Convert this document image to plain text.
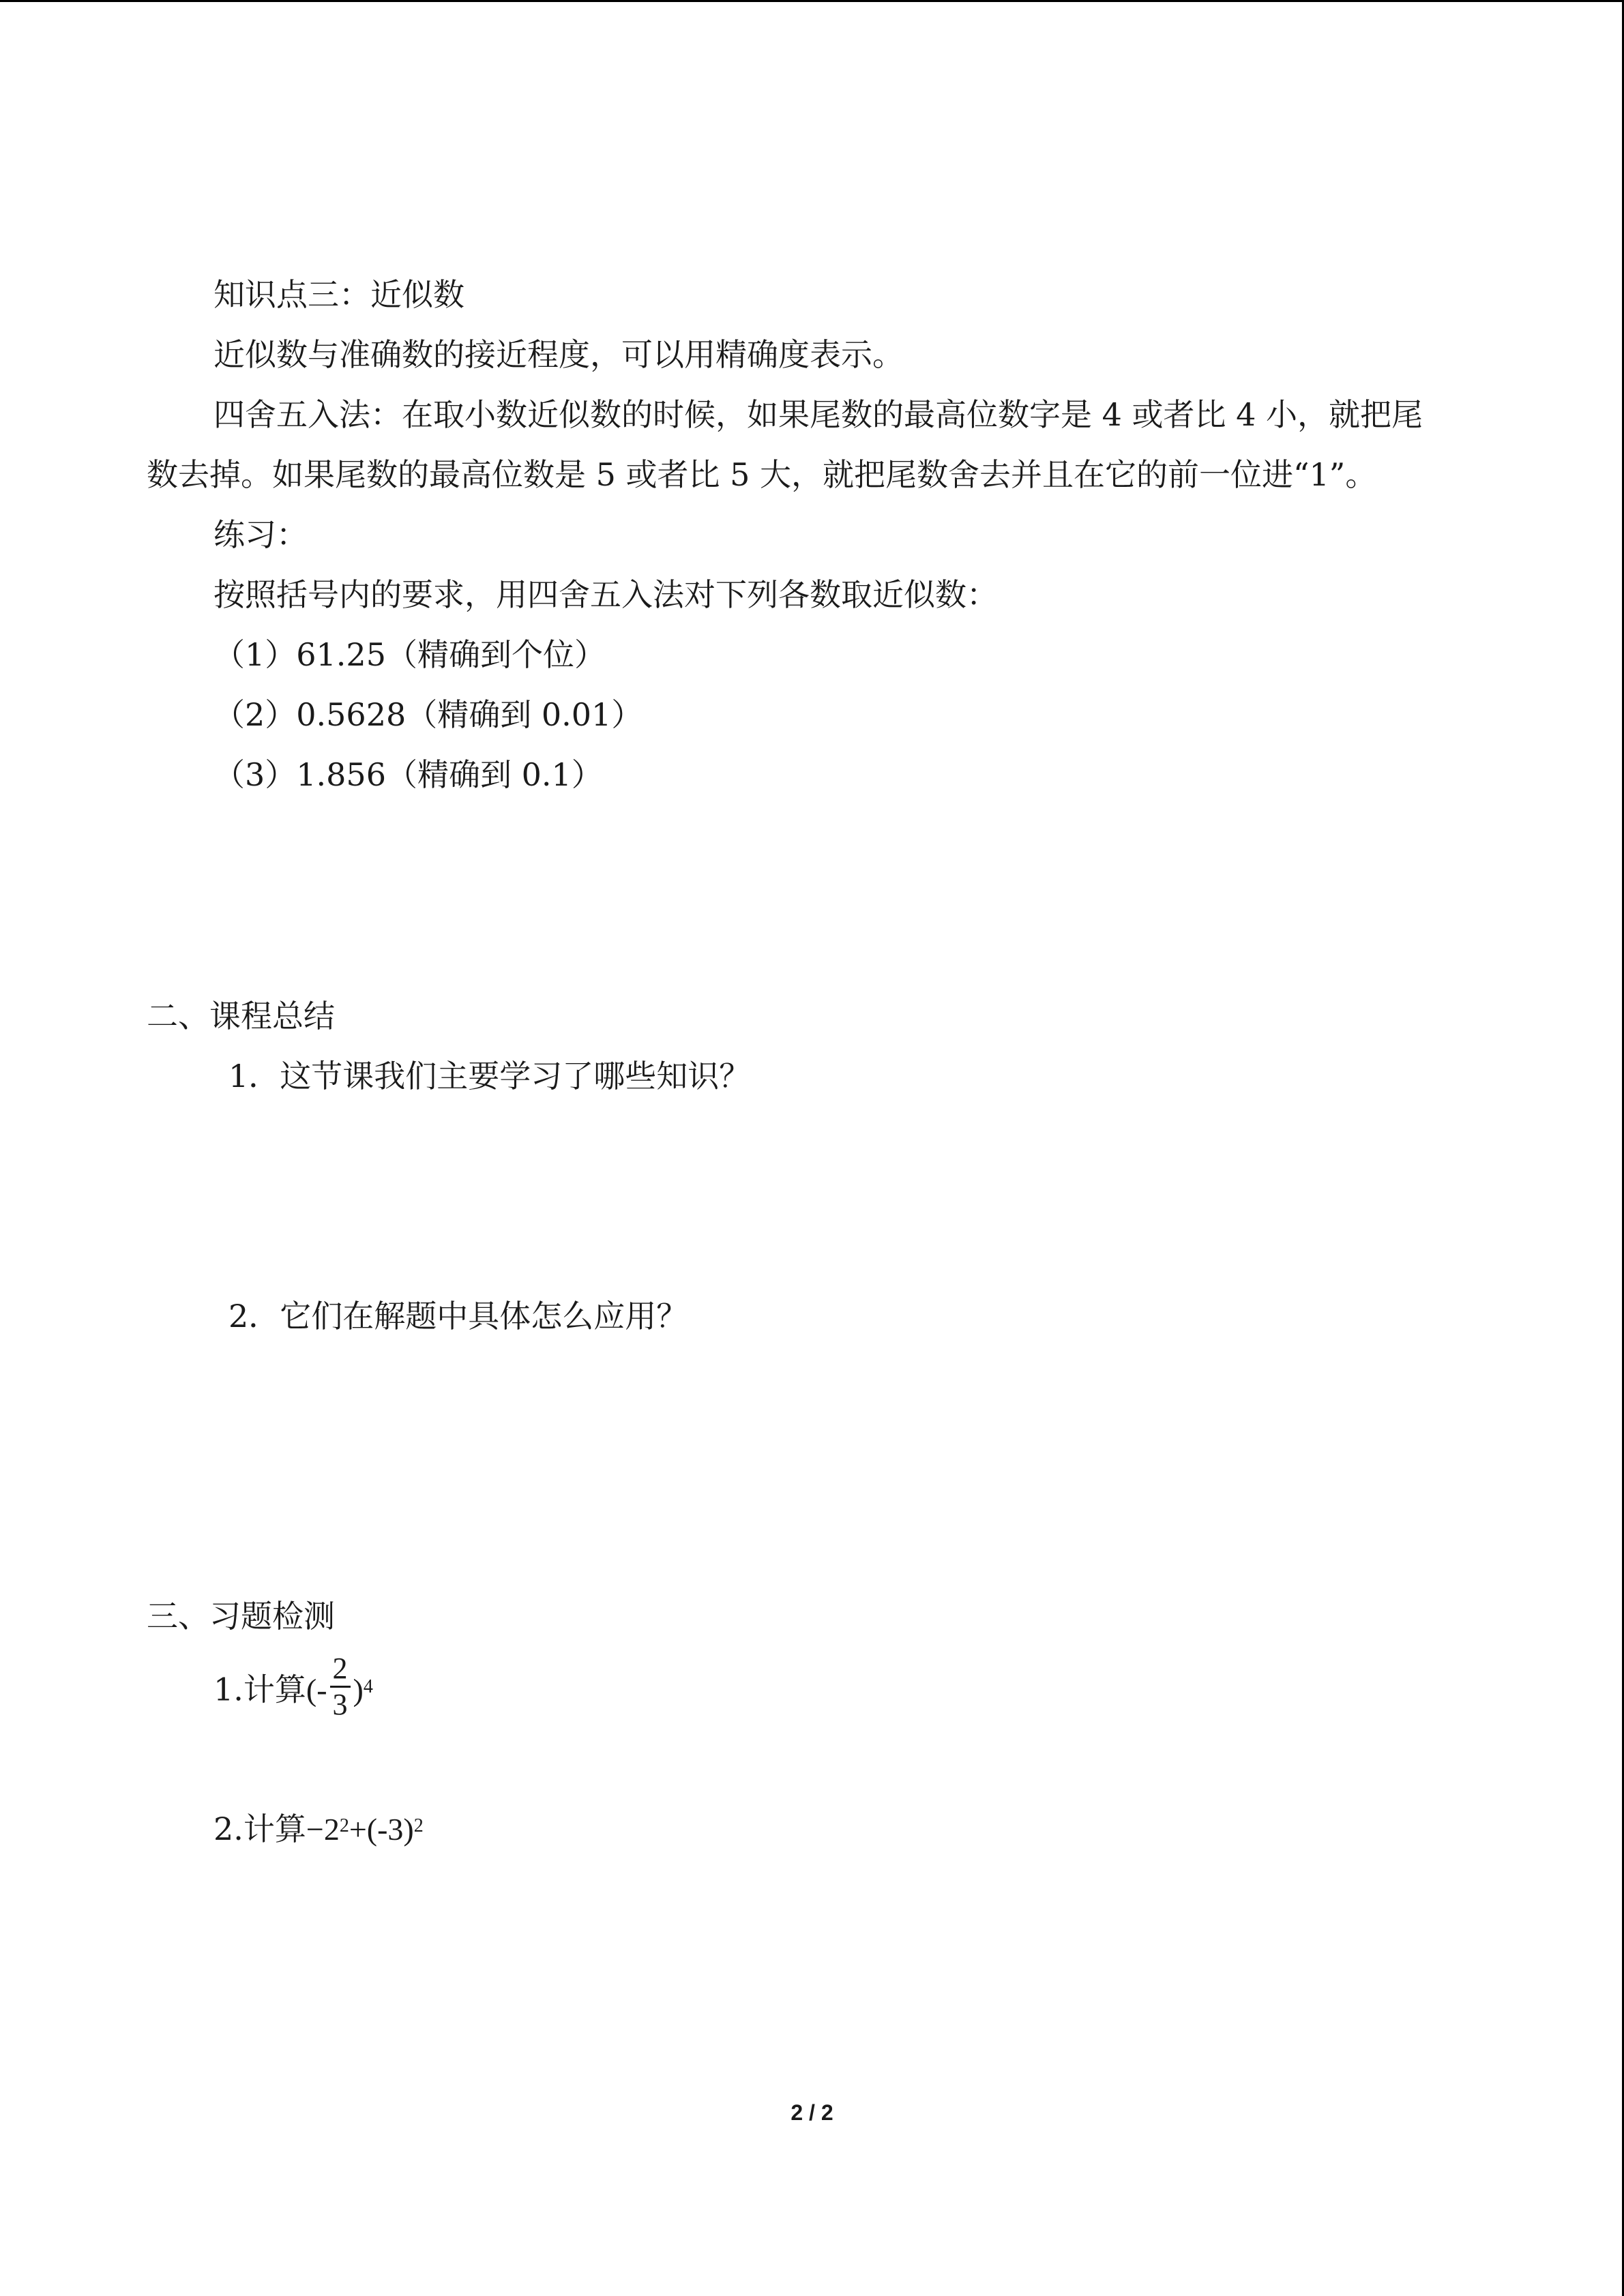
知识点三：近似数
近似数与准确数的接近程度，可以用精确度表示。
四舍五入法：在取小数近似数的时候，如果尾数的最高位数字是 4 或者比 4 小，就把尾
数去掉。如果尾数的最高位数是 5 或者比 5 大，就把尾数舍去并且在它的前一位进“1”。
练习：
按照括号内的要求，用四舍五入法对下列各数取近似数：
（1）61.25（精确到个位）
（2）0.5628（精确到 0.01）
（3）1.856（精确到 0.1）
二、课程总结
1．这节课我们主要学习了哪些知识？
2．它们在解题中具体怎么应用？
三、习题检测
1.计算(- $\frac{2}{3} )^4$
2.计算$-2^2+(-3)^2$
2 / 2
